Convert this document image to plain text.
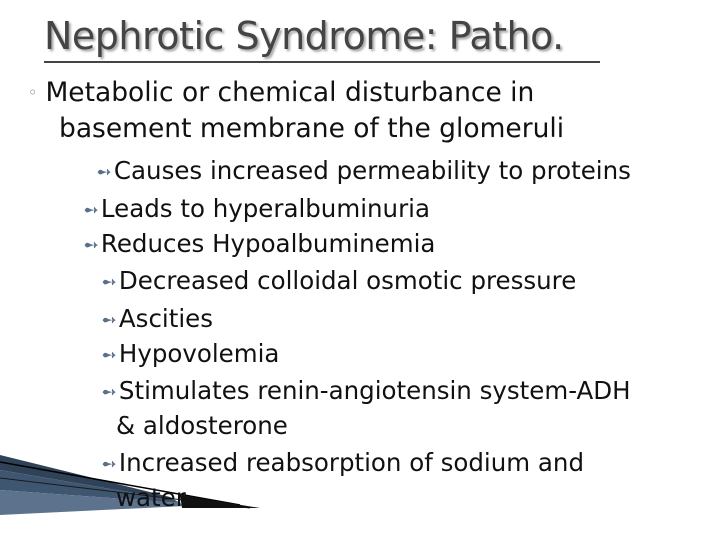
Nephrotic Syndrome: Patho.
◦ Metabolic or chemical disturbance in
basement membrane of the glomeruli
➻Causes increased permeability to proteins
➻Leads to hyperalbuminuria
➻Reduces Hypoalbuminemia
➻Decreased colloidal osmotic pressure
➻Ascities
➻Hypovolemia
➻Stimulates renin-angiotensin system-ADH
& aldosterone
➻Increased reabsorption of sodium and
water
